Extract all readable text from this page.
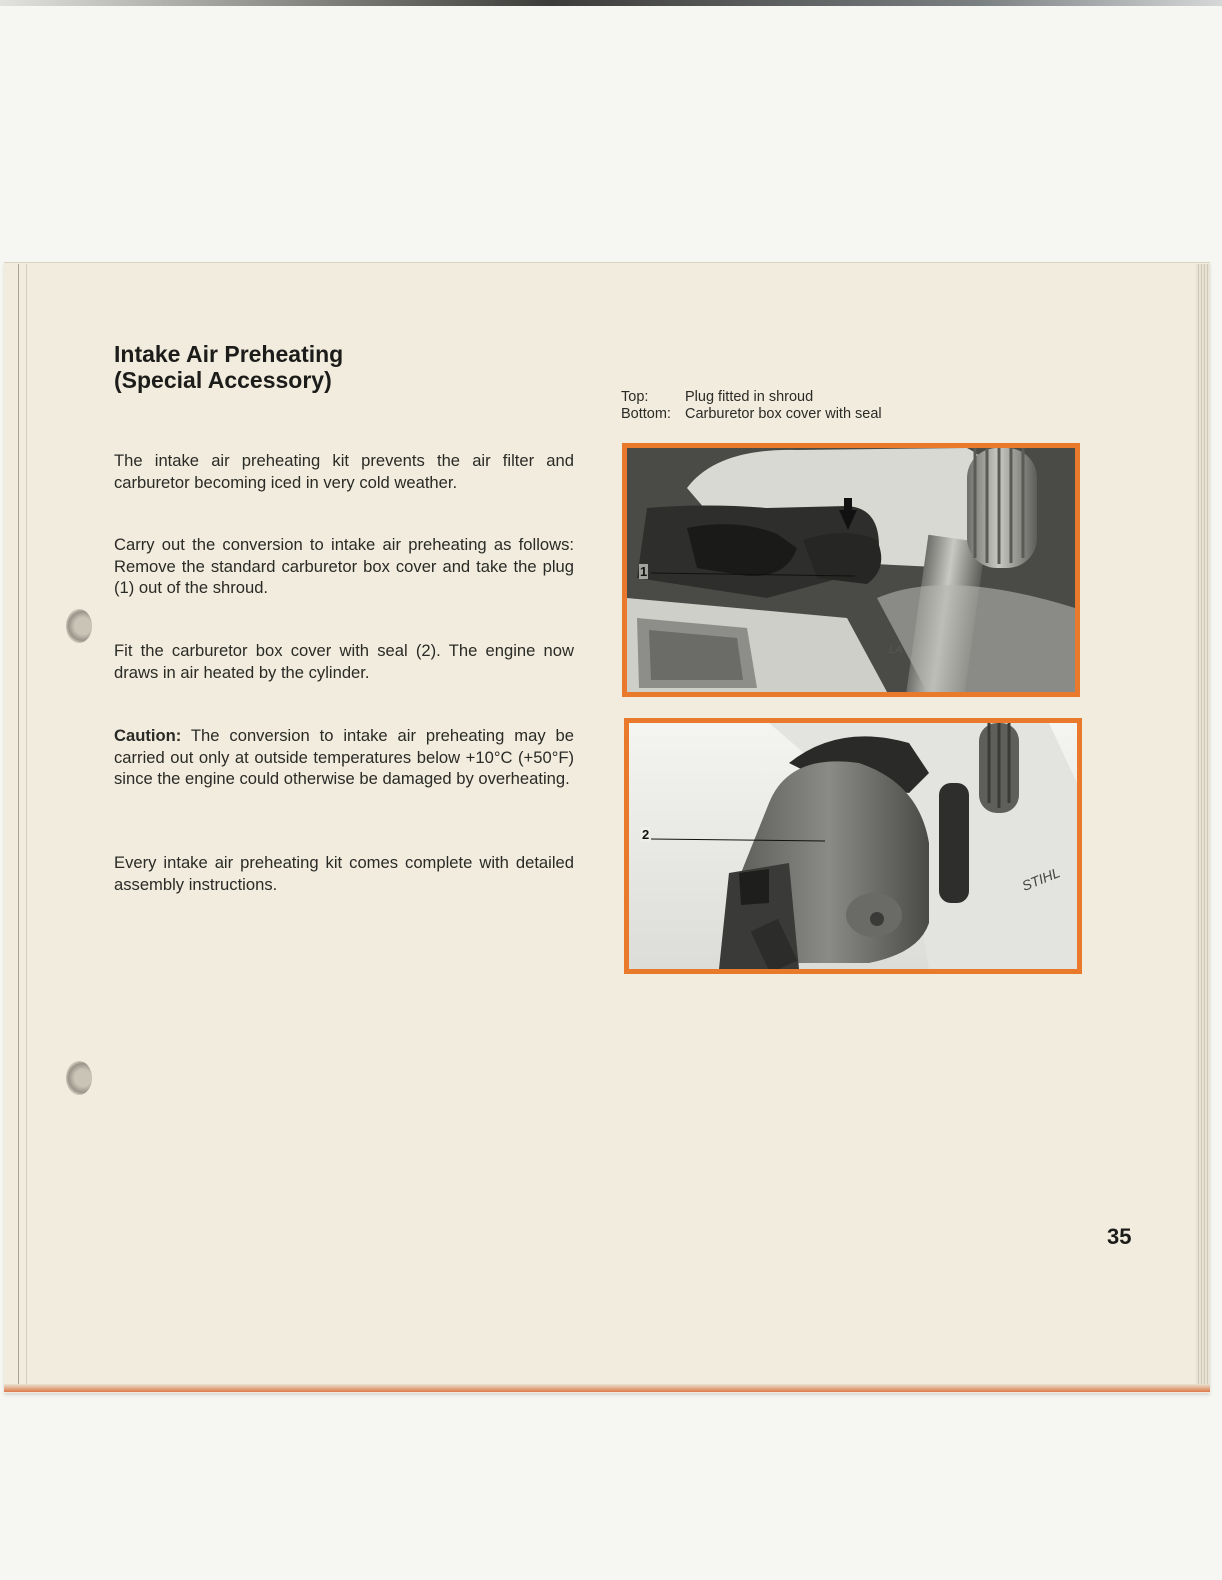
Intake Air Preheating
(Special Accessory)

The intake air preheating kit prevents the air filter and carburetor becoming iced in very cold weather.

Carry out the conversion to intake air preheating as follows: Remove the standard carburetor box cover and take the plug (1) out of the shroud.

Fit the carburetor box cover with seal (2). The engine now draws in air heated by the cylinder.

Caution: The conversion to intake air preheating may be carried out only at outside temperatures below +10°C (+50°F) since the engine could otherwise be damaged by overheating.

Every intake air preheating kit comes complete with detailed assembly instructions.

Top:	Plug fitted in shroud
Bottom: Carburetor box cover with seal
1
LA
2
STIHL
35
